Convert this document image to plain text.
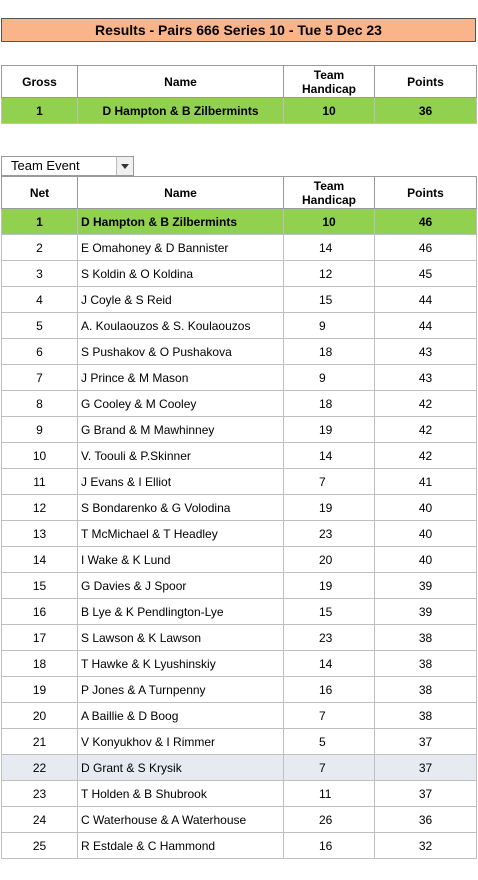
Results - Pairs 666 Series 10 - Tue 5 Dec 23
Gross	Name	Team Handicap	Points
1	D Hampton & B Zilbermints	10	36
Team Event
Net	Name	Team Handicap	Points
1	D Hampton & B Zilbermints	10	46
2	E Omahoney & D Bannister	14	46
3	S Koldin & O Koldina	12	45
4	J Coyle & S Reid	15	44
5	A. Koulaouzos & S. Koulaouzos	9	44
6	S Pushakov & O Pushakova	18	43
7	J Prince & M Mason	9	43
8	G Cooley & M Cooley	18	42
9	G Brand & M Mawhinney	19	42
10	V. Toouli & P.Skinner	14	42
11	J Evans & I Elliot	7	41
12	S Bondarenko & G Volodina	19	40
13	T McMichael & T Headley	23	40
14	I Wake & K Lund	20	40
15	G Davies & J Spoor	19	39
16	B Lye & K Pendlington-Lye	15	39
17	S Lawson & K Lawson	23	38
18	T Hawke & K Lyushinskiy	14	38
19	P Jones & A Turnpenny	16	38
20	A Baillie & D Boog	7	38
21	V Konyukhov & I Rimmer	5	37
22	D Grant & S Krysik	7	37
23	T Holden & B Shubrook	11	37
24	C Waterhouse & A Waterhouse	26	36
25	R Estdale & C Hammond	16	32
